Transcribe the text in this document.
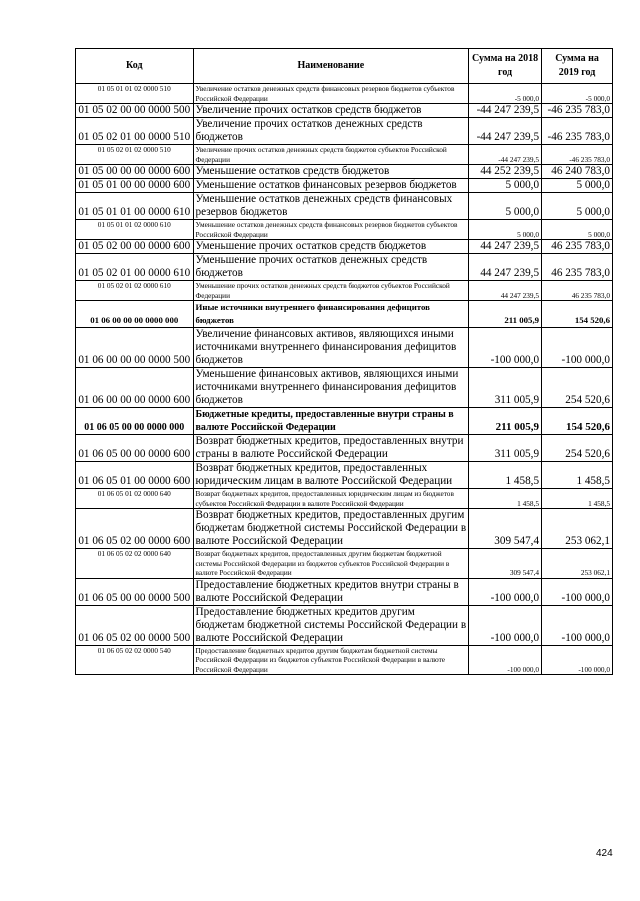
Код	Наименование	Сумма на 2018 год	Сумма на 2019 год
01 05 01 01 02 0000 510	Увеличение остатков денежных средств финансовых резервов бюджетов субъектов Российской Федерации	-5 000,0	-5 000,0
01 05 02 00 00 0000 500	Увеличение прочих остатков средств бюджетов	-44 247 239,5	-46 235 783,0
01 05 02 01 00 0000 510	Увеличение прочих остатков денежных средств бюджетов	-44 247 239,5	-46 235 783,0
01 05 02 01 02 0000 510	Увеличение прочих остатков денежных средств бюджетов субъектов Российской Федерации	-44 247 239,5	-46 235 783,0
01 05 00 00 00 0000 600	Уменьшение остатков средств бюджетов	44 252 239,5	46 240 783,0
01 05 01 00 00 0000 600	Уменьшение остатков финансовых резервов бюджетов	5 000,0	5 000,0
01 05 01 01 00 0000 610	Уменьшение остатков денежных средств финансовых резервов бюджетов	5 000,0	5 000,0
01 05 01 01 02 0000 610	Уменьшение остатков денежных средств финансовых резервов бюджетов субъектов Российской Федерации	5 000,0	5 000,0
01 05 02 00 00 0000 600	Уменьшение прочих остатков средств бюджетов	44 247 239,5	46 235 783,0
01 05 02 01 00 0000 610	Уменьшение прочих остатков денежных средств бюджетов	44 247 239,5	46 235 783,0
01 05 02 01 02 0000 610	Уменьшение прочих остатков денежных средств бюджетов субъектов Российской Федерации	44 247 239,5	46 235 783,0
01 06 00 00 00 0000 000	Иные источники внутреннего финансирования дефицитов бюджетов	211 005,9	154 520,6
01 06 00 00 00 0000 500	Увеличение финансовых активов, являющихся иными источниками внутреннего финансирования дефицитов бюджетов	-100 000,0	-100 000,0
01 06 00 00 00 0000 600	Уменьшение финансовых активов, являющихся иными источниками внутреннего финансирования дефицитов бюджетов	311 005,9	254 520,6
01 06 05 00 00 0000 000	Бюджетные кредиты, предоставленные внутри страны в валюте Российской Федерации	211 005,9	154 520,6
01 06 05 00 00 0000 600	Возврат бюджетных кредитов, предоставленных внутри страны в валюте Российской Федерации	311 005,9	254 520,6
01 06 05 01 00 0000 600	Возврат бюджетных кредитов, предоставленных юридическим лицам в валюте Российской Федерации	1 458,5	1 458,5
01 06 05 01 02 0000 640	Возврат бюджетных кредитов, предоставленных юридическим лицам из бюджетов субъектов Российской Федерации в валюте Российской Федерации	1 458,5	1 458,5
01 06 05 02 00 0000 600	Возврат бюджетных кредитов, предоставленных другим бюджетам бюджетной системы Российской Федерации в валюте Российской Федерации	309 547,4	253 062,1
01 06 05 02 02 0000 640	Возврат бюджетных кредитов, предоставленных другим бюджетам бюджетной системы Российской Федерации из бюджетов субъектов Российской Федерации в валюте Российской Федерации	309 547,4	253 062,1
01 06 05 00 00 0000 500	Предоставление бюджетных кредитов внутри страны в валюте Российской Федерации	-100 000,0	-100 000,0
01 06 05 02 00 0000 500	Предоставление бюджетных кредитов другим бюджетам бюджетной системы Российской Федерации в валюте Российской Федерации	-100 000,0	-100 000,0
01 06 05 02 02 0000 540	Предоставление бюджетных кредитов другим бюджетам бюджетной системы Российской Федерации из бюджетов субъектов Российской Федерации в валюте Российской Федерации	-100 000,0	-100 000,0
424
